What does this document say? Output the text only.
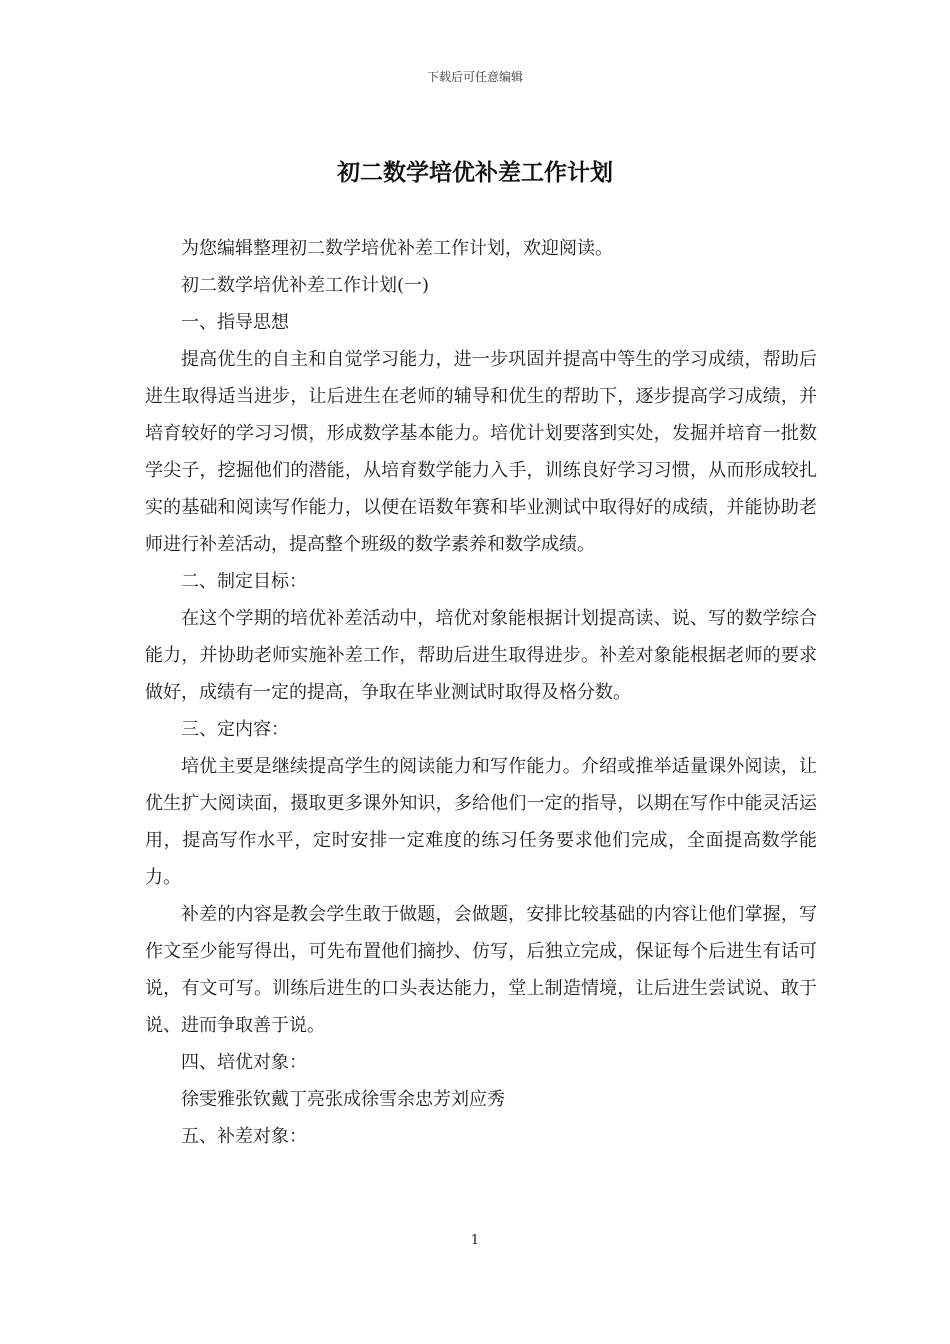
下载后可任意编辑
初二数学培优补差工作计划

为您编辑整理初二数学培优补差工作计划，欢迎阅读。

初二数学培优补差工作计划(一)

一、指导思想

提高优生的自主和自觉学习能力，进一步巩固并提高中等生的学习成绩，帮助后进生取得适当进步，让后进生在老师的辅导和优生的帮助下，逐步提高学习成绩，并培育较好的学习习惯，形成数学基本能力。培优计划要落到实处，发掘并培育一批数学尖子，挖掘他们的潜能，从培育数学能力入手，训练良好学习习惯，从而形成较扎实的基础和阅读写作能力，以便在语数年赛和毕业测试中取得好的成绩，并能协助老师进行补差活动，提高整个班级的数学素养和数学成绩。

二、制定目标：

在这个学期的培优补差活动中，培优对象能根据计划提高读、说、写的数学综合能力，并协助老师实施补差工作，帮助后进生取得进步。补差对象能根据老师的要求做好，成绩有一定的提高，争取在毕业测试时取得及格分数。

三、定内容：

培优主要是继续提高学生的阅读能力和写作能力。介绍或推举适量课外阅读，让优生扩大阅读面，摄取更多课外知识，多给他们一定的指导，以期在写作中能灵活运用，提高写作水平，定时安排一定难度的练习任务要求他们完成，全面提高数学能力。

补差的内容是教会学生敢于做题，会做题，安排比较基础的内容让他们掌握，写作文至少能写得出，可先布置他们摘抄、仿写，后独立完成，保证每个后进生有话可说，有文可写。训练后进生的口头表达能力，堂上制造情境，让后进生尝试说、敢于说、进而争取善于说。

四、培优对象：

徐雯雅张钦戴丁亮张成徐雪余忠芳刘应秀

五、补差对象：

1
